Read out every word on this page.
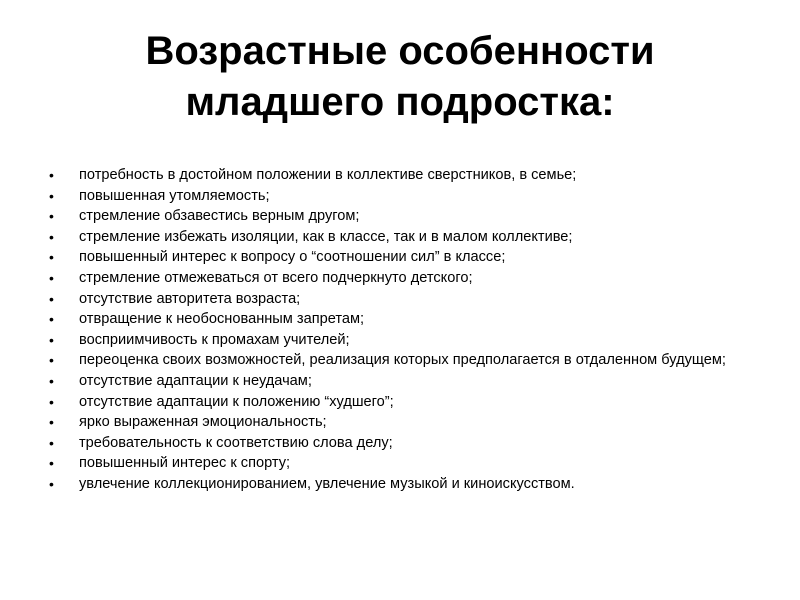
Возрастные особенности
младшего подростка:
•	потребность в достойном положении в коллективе сверстников, в семье;
•	повышенная утомляемость;
•	стремление обзавестись верным другом;
•	стремление избежать изоляции, как в классе, так и в малом коллективе;
•	повышенный интерес к вопросу о “соотношении сил” в классе;
•	стремление отмежеваться от всего подчеркнуто детского;
•	отсутствие авторитета возраста;
•	отвращение к необоснованным запретам;
•	восприимчивость к промахам учителей;
•	переоценка своих возможностей, реализация которых предполагается в отдаленном будущем;
•	отсутствие адаптации к неудачам;
•	отсутствие адаптации к положению “худшего”;
•	ярко выраженная эмоциональность;
•	требовательность к соответствию слова делу;
•	повышенный интерес к спорту;
•	увлечение коллекционированием, увлечение музыкой и киноискусством.
